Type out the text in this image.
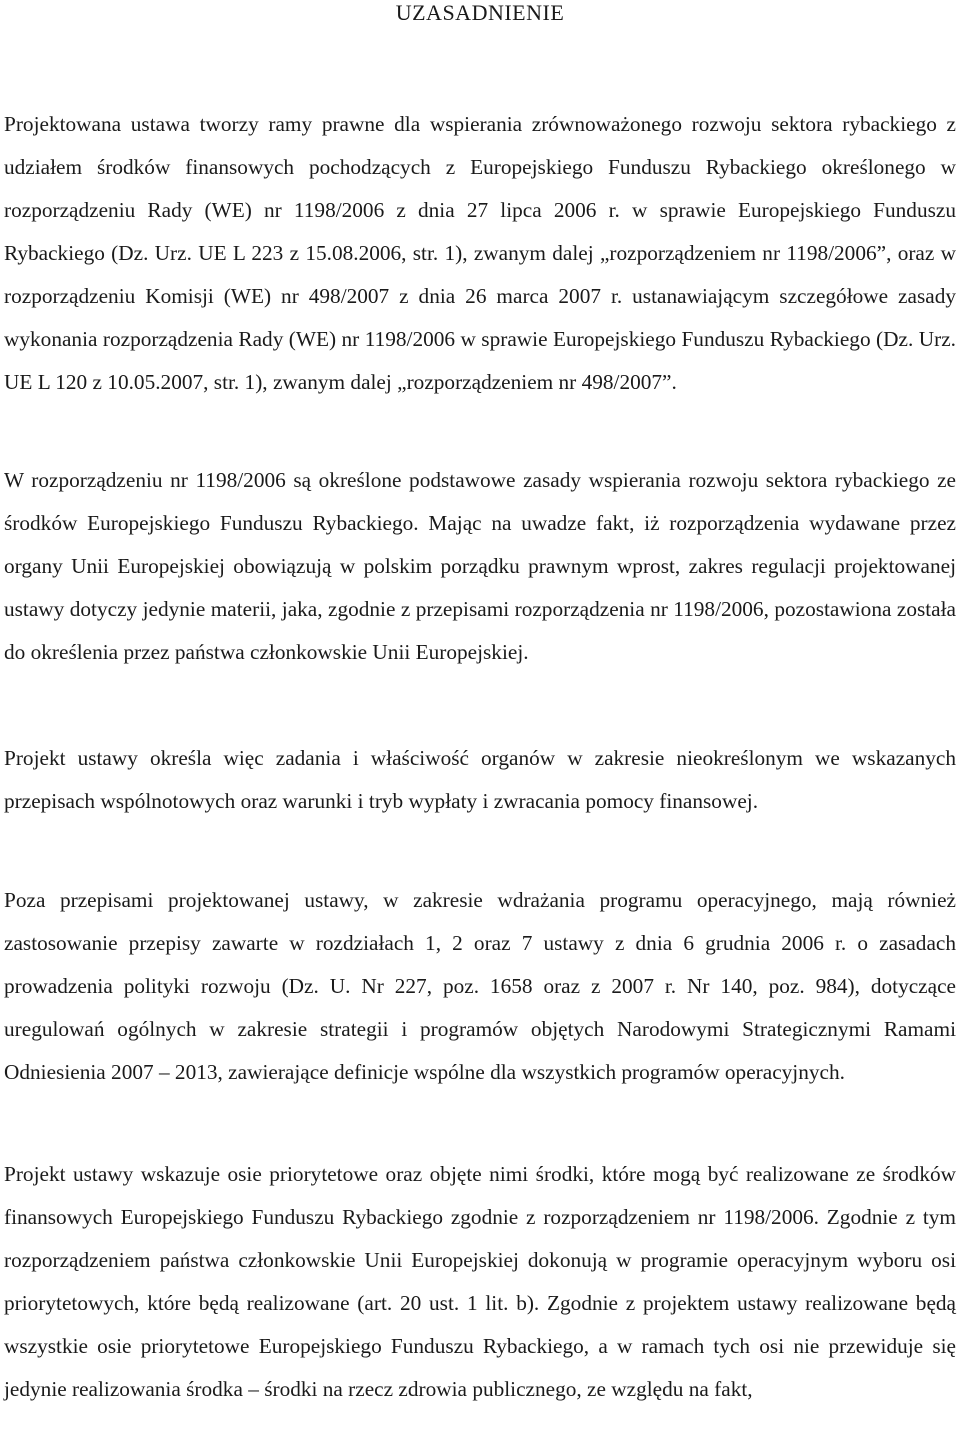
UZASADNIENIE

Projektowana ustawa tworzy ramy prawne dla wspierania zrównoważonego rozwoju sektora rybackiego z udziałem środków finansowych pochodzących z Europejskiego Funduszu Rybackiego określonego w rozporządzeniu Rady (WE) nr 1198/2006 z dnia 27 lipca 2006 r. w sprawie Europejskiego Funduszu Rybackiego (Dz. Urz. UE L 223 z 15.08.2006, str. 1), zwanym dalej „rozporządzeniem nr 1198/2006”, oraz w rozporządzeniu Komisji (WE) nr 498/2007 z dnia 26 marca 2007 r. ustanawiającym szczegółowe zasady wykonania rozporządzenia Rady (WE) nr 1198/2006 w sprawie Europejskiego Funduszu Rybackiego (Dz. Urz. UE L 120 z 10.05.2007, str. 1), zwanym dalej „rozporządzeniem nr 498/2007”.

W rozporządzeniu nr 1198/2006 są określone podstawowe zasady wspierania rozwoju sektora rybackiego ze środków Europejskiego Funduszu Rybackiego. Mając na uwadze fakt, iż rozporządzenia wydawane przez organy Unii Europejskiej obowiązują w polskim porządku prawnym wprost, zakres regulacji projektowanej ustawy dotyczy jedynie materii, jaka, zgodnie z przepisami rozporządzenia nr 1198/2006, pozostawiona została do określenia przez państwa członkowskie Unii Europejskiej.

Projekt ustawy określa więc zadania i właściwość organów w zakresie nieokreślonym we wskazanych przepisach wspólnotowych oraz warunki i tryb wypłaty i zwracania pomocy finansowej.

Poza przepisami projektowanej ustawy, w zakresie wdrażania programu operacyjnego, mają również zastosowanie przepisy zawarte w rozdziałach 1, 2 oraz 7 ustawy z dnia 6 grudnia 2006 r. o zasadach prowadzenia polityki rozwoju (Dz. U. Nr 227, poz. 1658 oraz z 2007 r. Nr 140, poz. 984), dotyczące uregulowań ogólnych w zakresie strategii i programów objętych Narodowymi Strategicznymi Ramami Odniesienia 2007 – 2013, zawierające definicje wspólne dla wszystkich programów operacyjnych.

Projekt ustawy wskazuje osie priorytetowe oraz objęte nimi środki, które mogą być realizowane ze środków finansowych Europejskiego Funduszu Rybackiego zgodnie z rozporządzeniem nr 1198/2006. Zgodnie z tym rozporządzeniem państwa członkowskie Unii Europejskiej dokonują w programie operacyjnym wyboru osi priorytetowych, które będą realizowane (art. 20 ust. 1 lit. b). Zgodnie z projektem ustawy realizowane będą wszystkie osie priorytetowe Europejskiego Funduszu Rybackiego, a w ramach tych osi nie przewiduje się jedynie realizowania środka – środki na rzecz zdrowia publicznego, ze względu na fakt,
